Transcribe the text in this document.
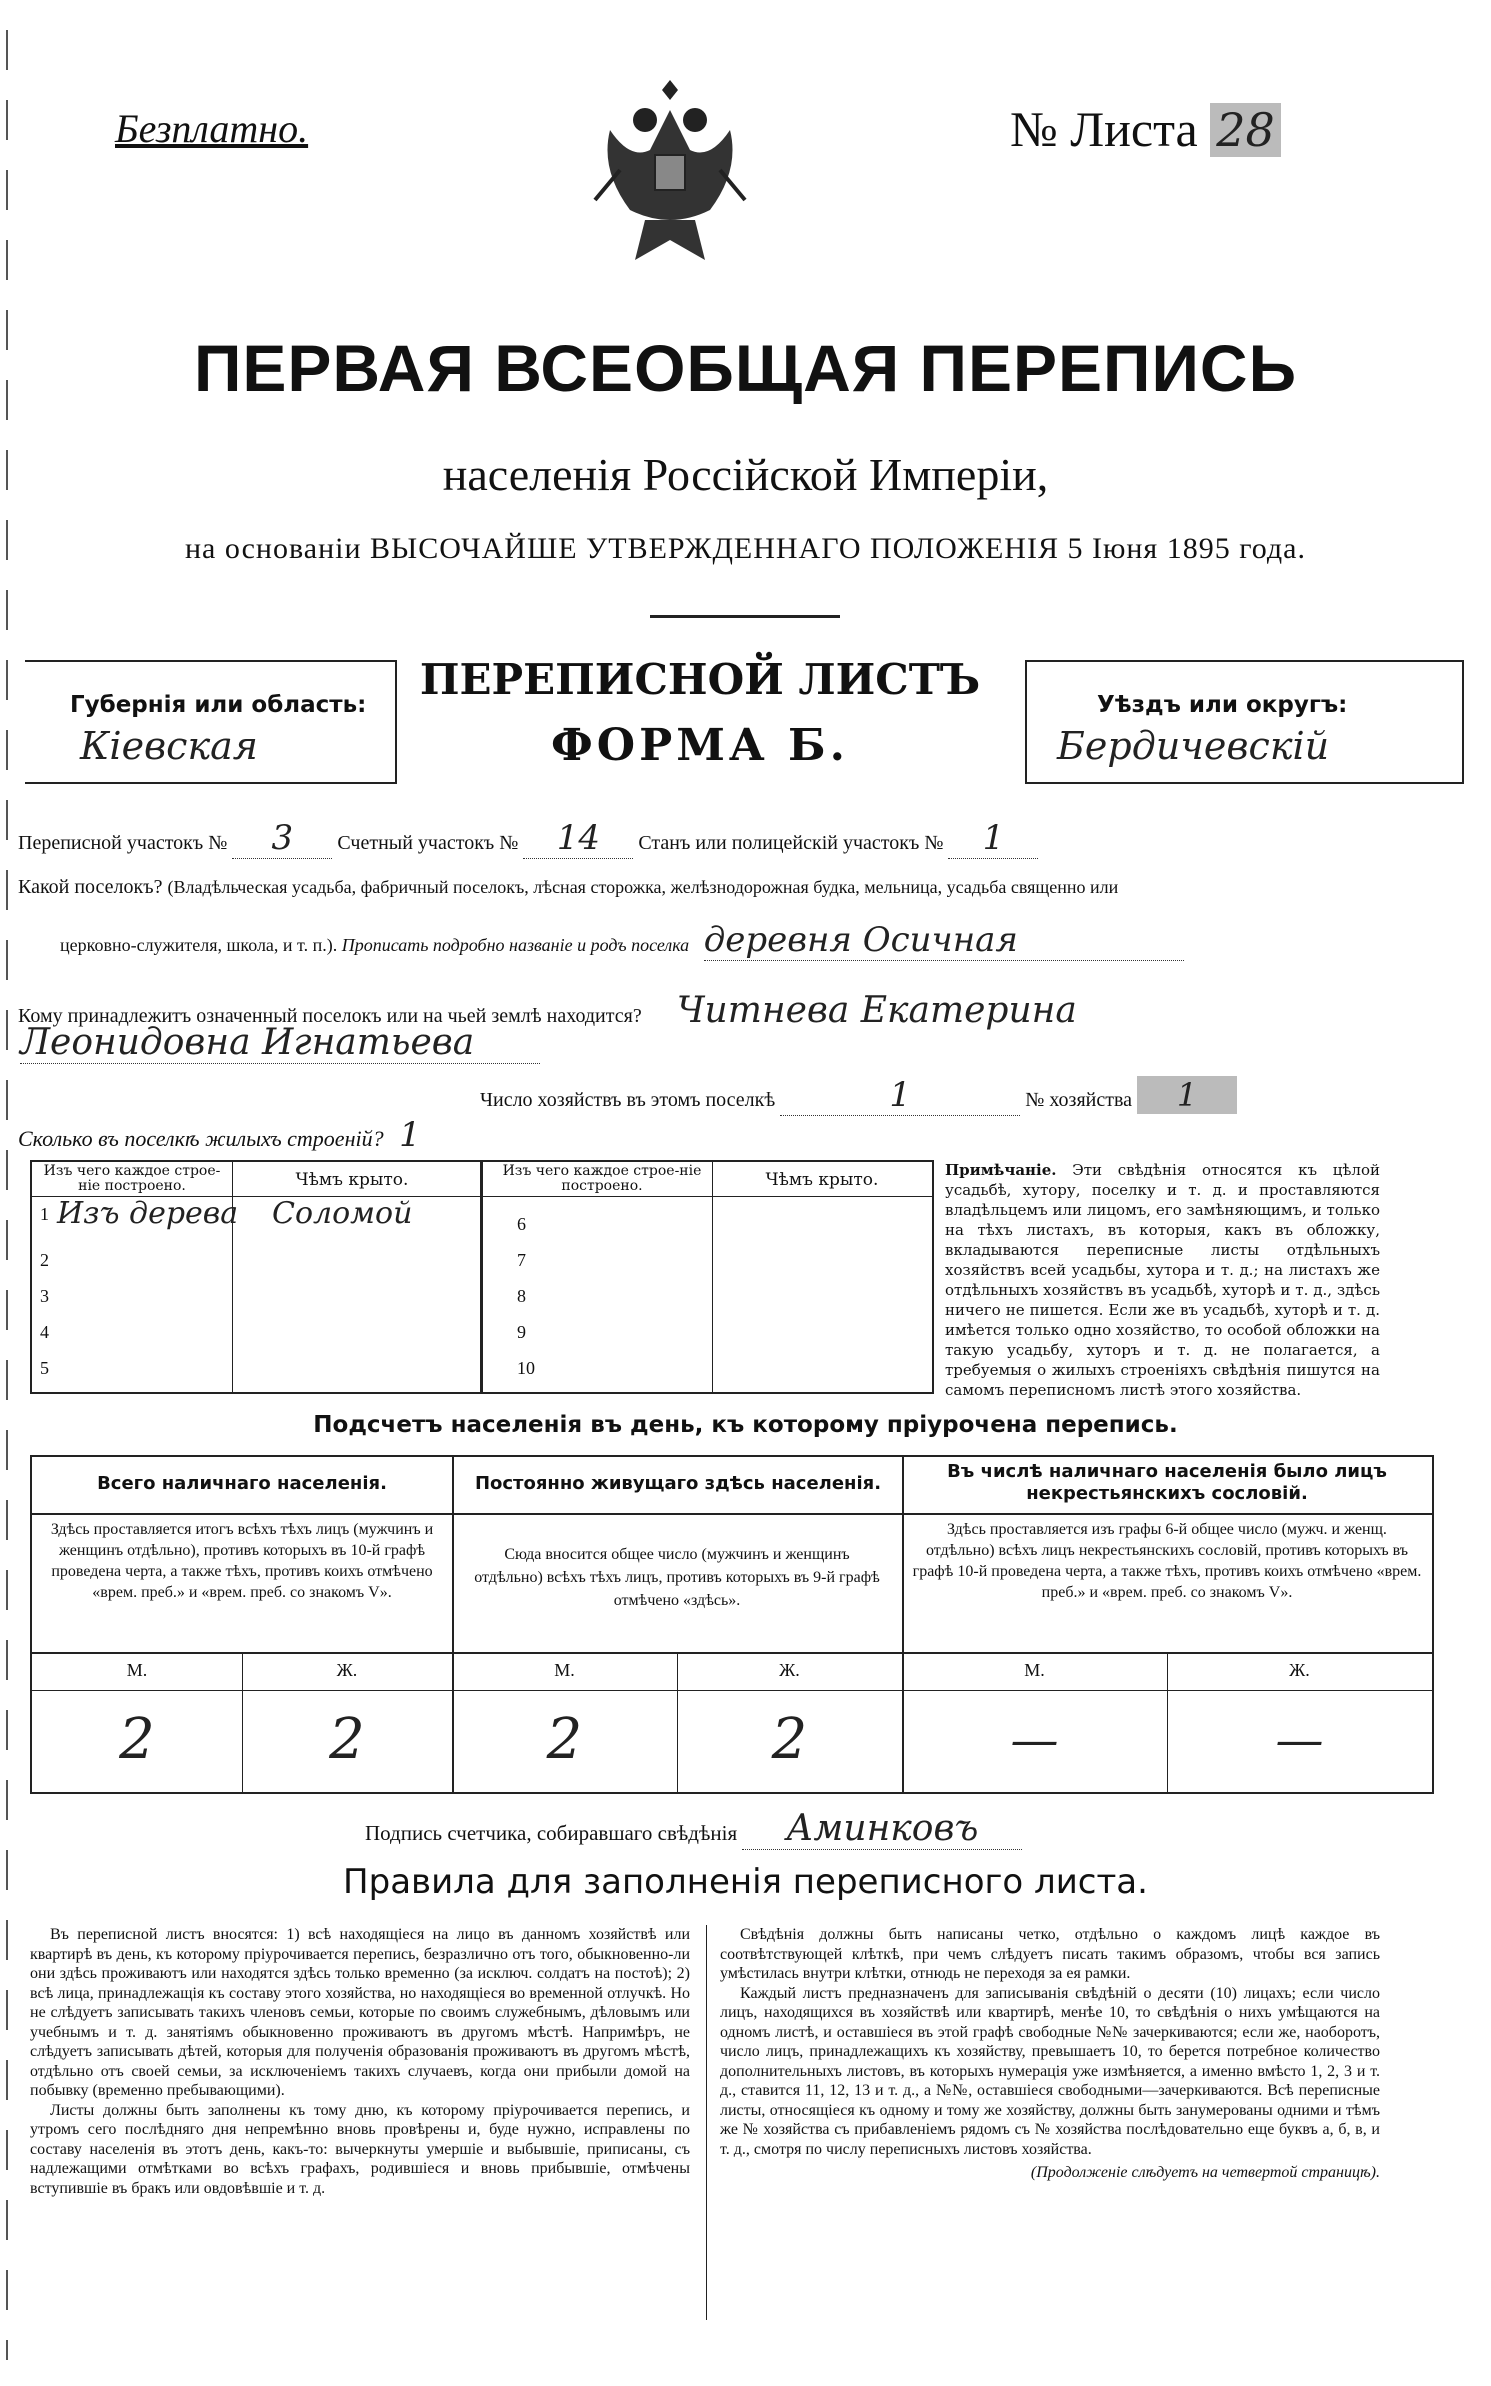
Безплатно.	№ Листа 28
ПЕРВАЯ ВСЕОБЩАЯ ПЕРЕПИСЬ
населенія Россійской Имперіи,
на основаніи ВЫСОЧАЙШЕ УТВЕРЖДЕННАГО ПОЛОЖЕНІЯ 5 Іюня 1895 года.
Губернія или область:
Кіевская
ПЕРЕПИСНОЙ ЛИСТЪ
ФОРМА Б.
Уѣздъ или округъ:
Бердичевскій
Переписной участокъ № 3 Счетный участокъ № 14 Станъ или полицейскій участокъ № 1
Какой поселокъ? (Владѣльческая усадьба, фабричный поселокъ, лѣсная сторожка, желѣзнодорожная будка, мельница, усадьба священно или
церковно-служителя, школа, и т. п.). Прописать подробно названіе и родъ поселка деревня Осичная
Кому принадлежитъ означенный поселокъ или на чьей землѣ находится? Читнева Екатерина
Леонидовна Игнатьева
Число хозяйствъ въ этомъ поселкѣ	1	№ хозяйства 1
Сколько въ поселкѣ жилыхъ строеній? 1
Изъ чего каждое строе-ніе построено.	Чѣмъ крыто.	Изъ чего каждое строе-ніе построено.	Чѣмъ крыто.
1 Изъ дерева Соломой
2
3
4
5
6
7
8
9
10
Примѣчаніе. Эти свѣдѣнія относятся къ цѣлой усадьбѣ, хутору, поселку и т. д. и проставляются владѣльцемъ или лицомъ, его замѣняющимъ, и только на тѣхъ листахъ, въ которыя, какъ въ обложку, вкладываются переписные листы отдѣльныхъ хозяйствъ всей усадьбы, хутора и т. д.; на листахъ же отдѣльныхъ хозяйствъ въ усадьбѣ, хуторѣ и т. д., здѣсь ничего не пишется. Если же въ усадьбѣ, хуторѣ и т. д. имѣется только одно хозяйство, то особой обложки на такую усадьбу, хуторъ и т. д. не полагается, а требуемыя о жилыхъ строеніяхъ свѣдѣнія пишутся на самомъ переписномъ листѣ этого хозяйства.
Подсчетъ населенія въ день, къ которому пріурочена перепись.
Всего наличнаго населенія.	Постоянно живущаго здѣсь населенія.
Въ числѣ наличнаго населенія было лицъ некрестьянскихъ сословій.
Здѣсь проставляется итогъ всѣхъ тѣхъ лицъ (мужчинъ и женщинъ отдѣльно), противъ которыхъ въ 10-й графѣ проведена черта, а также тѣхъ, противъ коихъ отмѣчено «врем. преб.» и «врем. преб. со знакомъ V».
Сюда вносится общее число (мужчинъ и женщинъ отдѣльно) всѣхъ тѣхъ лицъ, противъ которыхъ въ 9-й графѣ отмѣчено «здѣсь».
Здѣсь проставляется изъ графы 6-й общее число (мужч. и женщ. отдѣльно) всѣхъ лицъ некрестьянскихъ сословій, противъ которыхъ въ графѣ 10-й проведена черта, а также тѣхъ, противъ коихъ отмѣчено «врем. преб.» и «врем. преб. со знакомъ V».
М.	Ж.	М.	Ж.	М.	Ж.
2	2	2	2	—	—
Подпись счетчика, собиравшаго свѣдѣнія Аминковъ
Правила для заполненія переписного листа.

Въ переписной листъ вносятся: 1) всѣ находящіеся на лицо въ данномъ хозяйствѣ или квартирѣ въ день, къ которому пріурочивается перепись, безразлично отъ того, обыкновенно-ли они здѣсь проживаютъ или находятся здѣсь только временно (за исключ. солдатъ на постоѣ); 2) всѣ лица, принадлежащія къ составу этого хозяйства, но находящіеся во временной отлучкѣ. Но не слѣдуетъ записывать такихъ членовъ семьи, которые по своимъ служебнымъ, дѣловымъ или учебнымъ и т. д. занятіямъ обыкновенно проживаютъ въ другомъ мѣстѣ. Напримѣръ, не слѣдуетъ записывать дѣтей, которыя для полученія образованія проживаютъ въ другомъ мѣстѣ, отдѣльно отъ своей семьи, за исключеніемъ такихъ случаевъ, когда они прибыли домой на побывку (временно пребывающими).

Листы должны быть заполнены къ тому дню, къ которому пріурочивается перепись, и утромъ сего послѣдняго дня непремѣнно вновь провѣрены и, буде нужно, исправлены по составу населенія въ этотъ день, какъ-то: вычеркнуты умершіе и выбывшіе, приписаны, съ надлежащими отмѣтками во всѣхъ графахъ, родившіеся и вновь прибывшіе, отмѣчены вступившіе въ бракъ или овдовѣвшіе и т. д.

Свѣдѣнія должны быть написаны четко, отдѣльно о каждомъ лицѣ каждое въ соотвѣтствующей клѣткѣ, при чемъ слѣдуетъ писать такимъ образомъ, чтобы вся запись умѣстилась внутри клѣтки, отнюдь не переходя за ея рамки.

Каждый листъ предназначенъ для записыванія свѣдѣній о десяти (10) лицахъ; если число лицъ, находящихся въ хозяйствѣ или квартирѣ, менѣе 10, то свѣдѣнія о нихъ умѣщаются на одномъ листѣ, и оставшіеся въ этой графѣ свободные №№ зачеркиваются; если же, наоборотъ, число лицъ, принадлежащихъ къ хозяйству, превышаетъ 10, то берется потребное количество дополнительныхъ листовъ, въ которыхъ нумерація уже измѣняется, а именно вмѣсто 1, 2, 3 и т. д., ставится 11, 12, 13 и т. д., а №№, оставшіеся свободными—зачеркиваются. Всѣ переписные листы, относящіеся къ одному и тому же хозяйству, должны быть занумерованы одними и тѣмъ же № хозяйства съ прибавленіемъ рядомъ съ № хозяйства послѣдовательно еще буквъ а, б, в, и т. д., смотря по числу переписныхъ листовъ хозяйства.

(Продолженіе слѣдуетъ на четвертой страницѣ).
